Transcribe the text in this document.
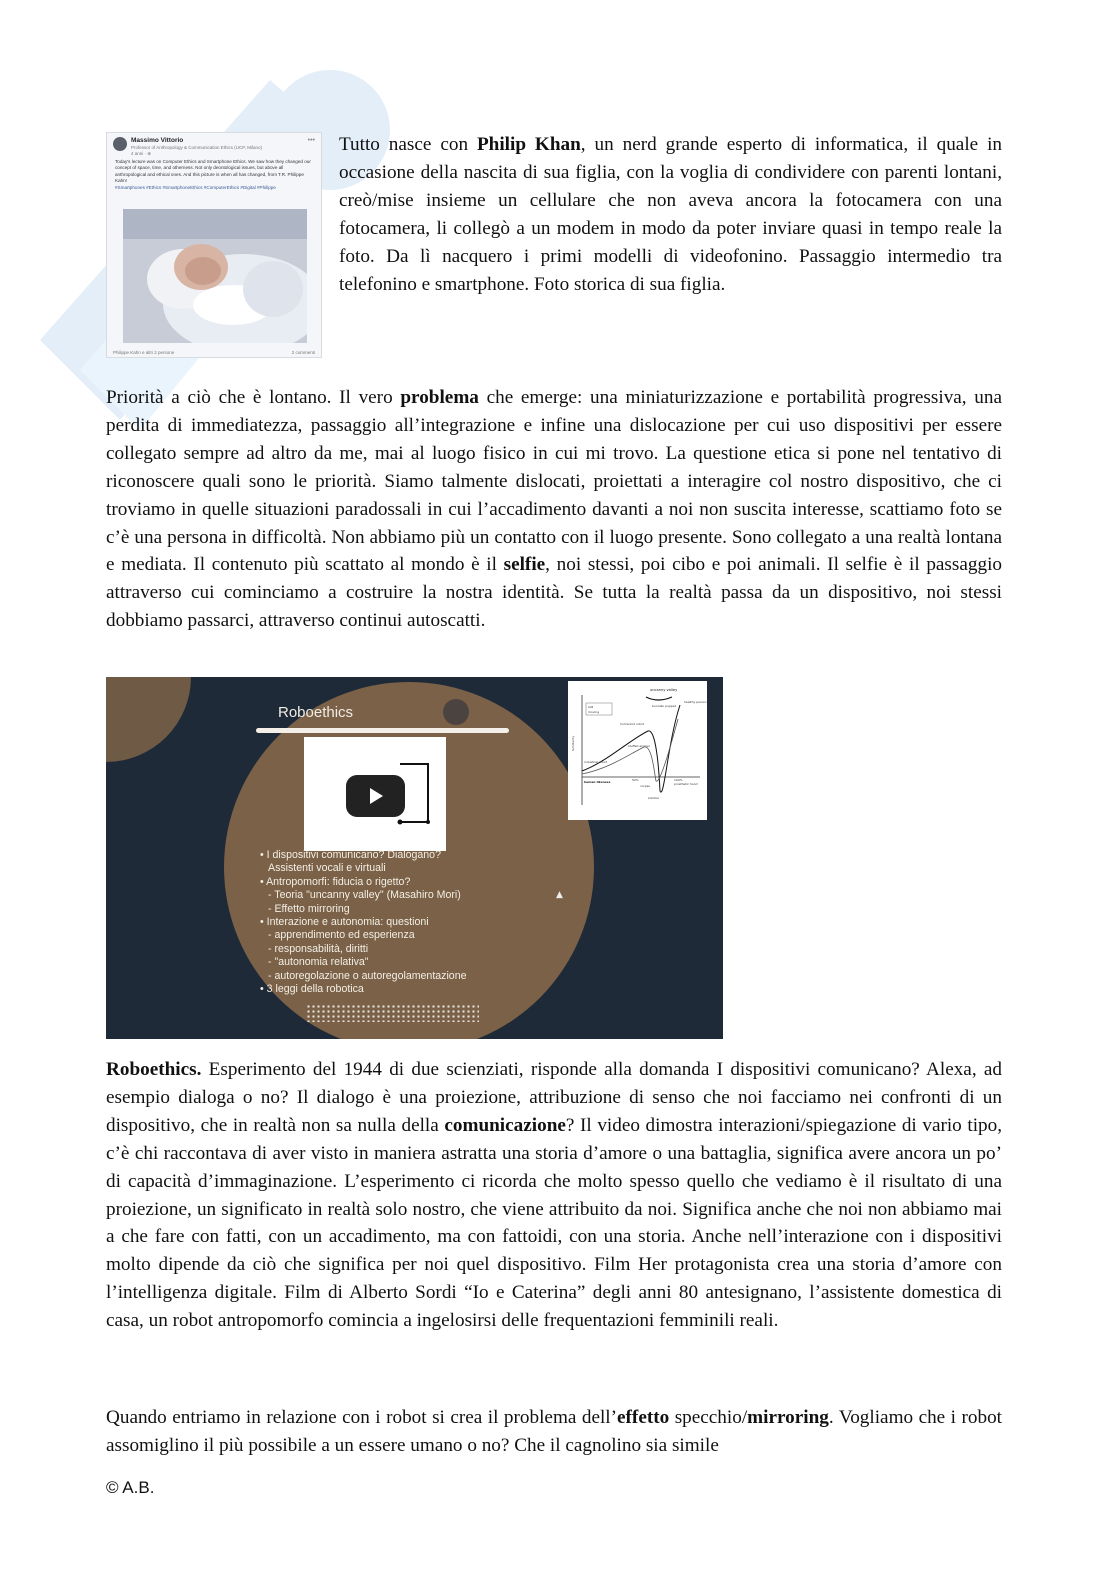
Massimo Vittorio
Professor of Anthropology & Communication Ethics (UCP, Milano)
4 anni · ⊕
•••
Today's lecture was on Computer Ethics and Smartphone Ethics. We saw how they changed our concept of space, time, and otherness. Not only deontological issues, but above all anthropological and ethical ones. And this picture is when all has changed, from T.R. Philippe Kahn!
#Smartphones #Ethics #SmartphoneEthics #ComputerEthics #Digital #Philippe
Philippe Kahn e altri 2 persone	2 commenti

Tutto nasce con Philip Khan, un nerd grande esperto di informatica, il quale in occasione della nascita di sua figlia, con la voglia di condividere con parenti lontani, creò/mise insieme un cellulare che non aveva ancora la fotocamera con una fotocamera, li collegò a un modem in modo da poter inviare quasi in tempo reale la foto. Da lì nacquero i primi modelli di videofonino. Passaggio intermedio tra telefonino e smartphone. Foto storica di sua figlia.

Priorità a ciò che è lontano. Il vero problema che emerge: una miniaturizzazione e portabilità progressiva, una perdita di immediatezza, passaggio all’integrazione e infine una dislocazione per cui uso dispositivi per essere collegato sempre ad altro da me, mai al luogo fisico in cui mi trovo. La questione etica si pone nel tentativo di riconoscere quali sono le priorità. Siamo talmente dislocati, proiettati a interagire col nostro dispositivo, che ci troviamo in quelle situazioni paradossali in cui l’accadimento davanti a noi non suscita interesse, scattiamo foto se c’è una persona in difficoltà. Non abbiamo più un contatto con il luogo presente. Sono collegato a una realtà lontana e mediata. Il contenuto più scattato al mondo è il selfie, noi stessi, poi cibo e poi animali. Il selfie è il passaggio attraverso cui cominciamo a costruire la nostra identità. Se tutta la realtà passa da un dispositivo, noi stessi dobbiamo passarci, attraverso continui autoscatti.

Roboethics
• I dispositivi comunicano? Dialogano?
Assistenti vocali e virtuali
• Antropomorfi: fiducia o rigetto?
- Teoria "uncanny valley" (Masahiro Mori)
- Effetto mirroring
• Interazione e autonomia: questioni
- apprendimento ed esperienza
- responsabilità, diritti
- "autonomia relativa"
- autoregolazione o autoregolamentazione
• 3 leggi della robotica
still
moving
uncanny valley
familiarity
human likeness	50%	100%
healthy person
bunraku puppet
humanoid robot
stuffed animal
industrial robot
corpse
zombie
prosthetic hand
▲

Roboethics. Esperimento del 1944 di due scienziati, risponde alla domanda I dispositivi comunicano? Alexa, ad esempio dialoga o no? Il dialogo è una proiezione, attribuzione di senso che noi facciamo nei confronti di un dispositivo, che in realtà non sa nulla della comunicazione? Il video dimostra interazioni/spiegazione di vario tipo, c’è chi raccontava di aver visto in maniera astratta una storia d’amore o una battaglia, significa avere ancora un po’ di capacità d’immaginazione. L’esperimento ci ricorda che molto spesso quello che vediamo è il risultato di una proiezione, un significato in realtà solo nostro, che viene attribuito da noi. Significa anche che noi non abbiamo mai a che fare con fatti, con un accadimento, ma con fattoidi, con una storia. Anche nell’interazione con i dispositivi molto dipende da ciò che significa per noi quel dispositivo. Film Her protagonista crea una storia d’amore con l’intelligenza digitale. Film di Alberto Sordi “Io e Caterina” degli anni 80 antesignano, l’assistente domestica di casa, un robot antropomorfo comincia a ingelosirsi delle frequentazioni femminili reali.

Quando entriamo in relazione con i robot si crea il problema dell’effetto specchio/mirroring. Vogliamo che i robot assomiglino il più possibile a un essere umano o no? Che il cagnolino sia simile

© A.B.
